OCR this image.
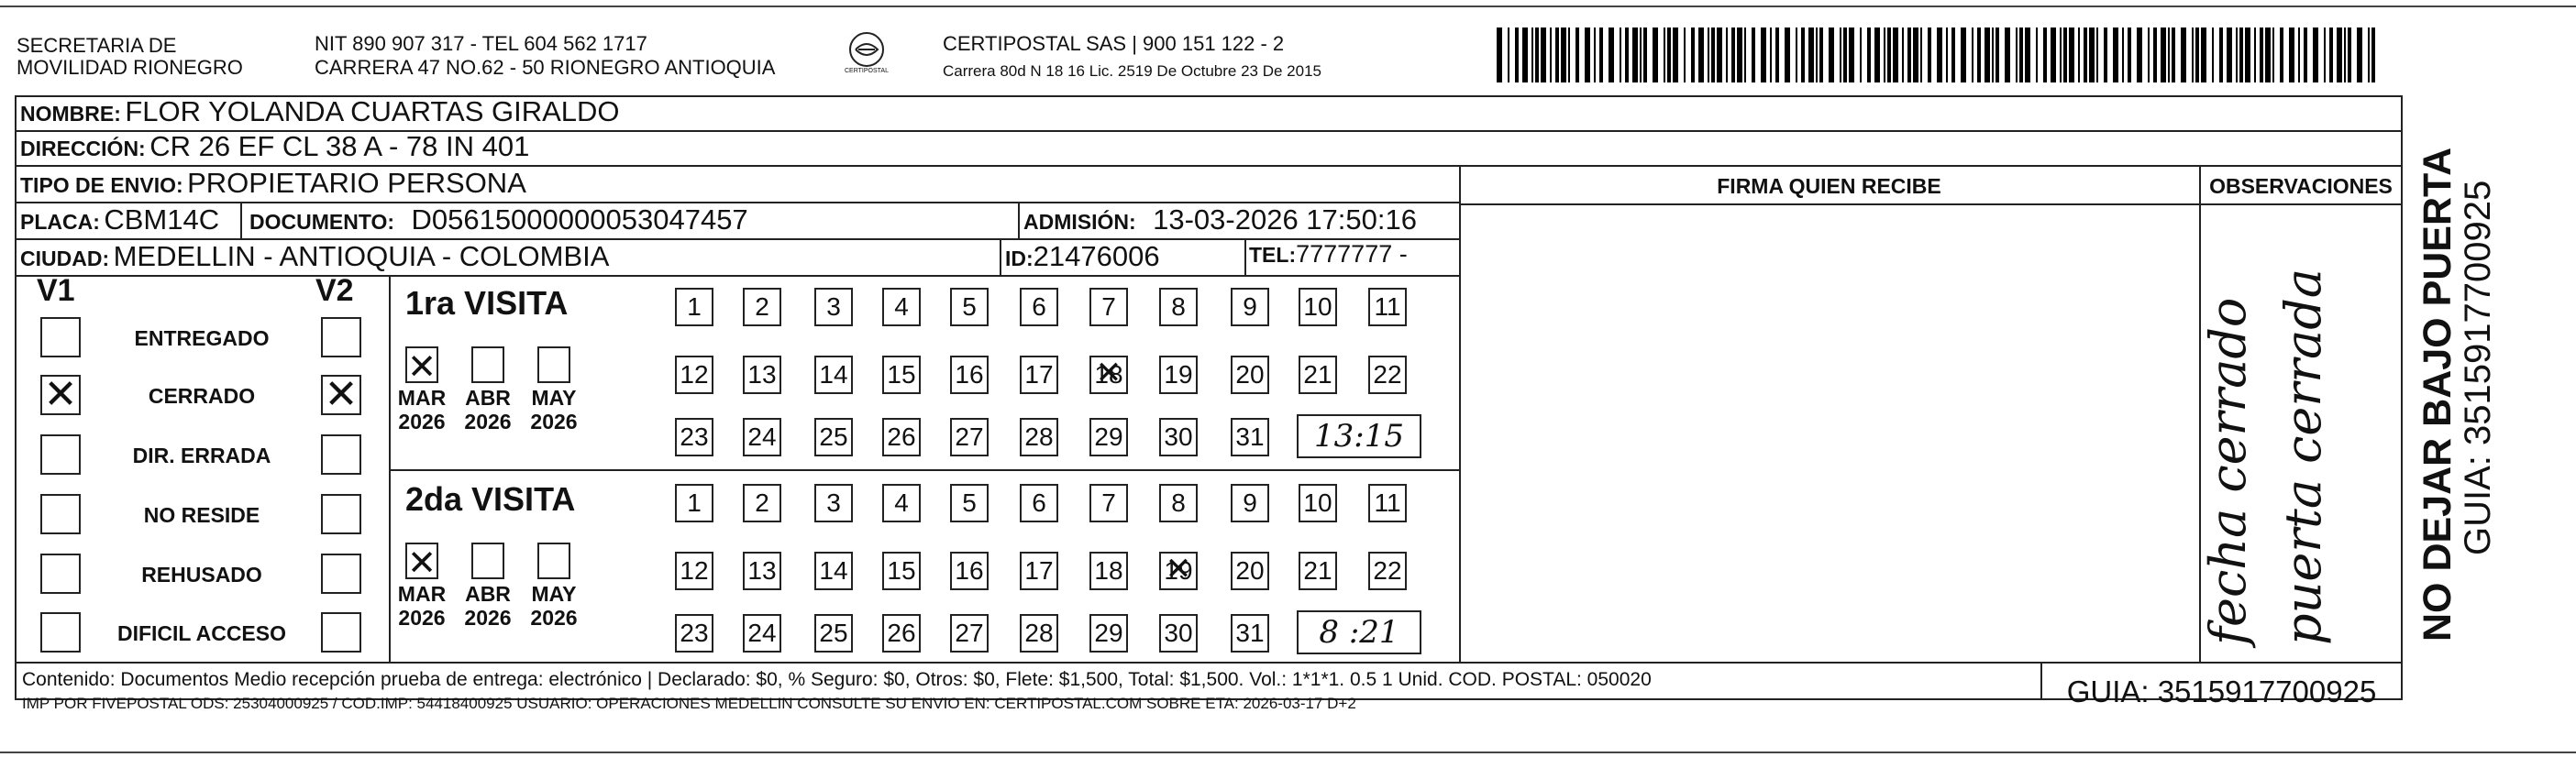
SECRETARIA DE
MOVILIDAD RIONEGRO
NIT 890 907 317 - TEL 604 562 1717
CARRERA 47 NO.62 - 50 RIONEGRO ANTIOQUIA	CERTIPOSTAL
CERTIPOSTAL SAS | 900 151 122 - 2
Carrera 80d N 18 16 Lic. 2519 De Octubre 23 De 2015
NOMBRE: FLOR YOLANDA CUARTAS GIRALDO
DIRECCIÓN: CR 26 EF CL 38 A - 78 IN 401
TIPO DE ENVIO: PROPIETARIO PERSONA
PLACA: CBM14C DOCUMENTO: D05615000000053047457	ADMISIÓN: 13-03-2026 17:50:16
CIUDAD: MEDELLIN - ANTIOQUIA - COLOMBIA	ID:21476006	TEL:7777777 -
FIRMA QUIEN RECIBE	OBSERVACIONES
V1	V2
ENTREGADO
✕	CERRADO	✕
DIR. ERRADA
NO RESIDE
REHUSADO
DIFICIL ACCESO
1ra VISITA
✕
MAR
2026
ABR
2026
MAY
2026
1	2	3	4	5	6	7	8	9	10 11
12 13 14 15 16 17 18 ✕ 19 20 21 22
23 24 25 26 27 28 29 30 31	13:15
2da VISITA
✕
MAR
2026
ABR
2026
MAY
2026
1	2	3	4	5	6	7	8	9	10 11
12 13 14 15 16 17 18 19 ✕ 20 21 22
23 24 25 26 27 28 29 30 31	8 :21	fecha cerrado puerta cerrada NO DEJAR BAJO PUERTA
GUIA: 3515917700925
Contenido: Documentos Medio recepción prueba de entrega: electrónico | Declarado: $0, % Seguro: $0, Otros: $0, Flete: $1,500, Total: $1,500. Vol.: 1*1*1. 0.5 1 Unid. COD. POSTAL: 050020
IMP POR FIVEPOSTAL ODS: 25304000925 / COD.IMP: 54418400925 USUARIO: OPERACIONES MEDELLIN CONSULTE SU ENVIO EN: CERTIPOSTAL.COM SOBRE ETA: 2026-03-17 D+2	GUIA: 3515917700925
